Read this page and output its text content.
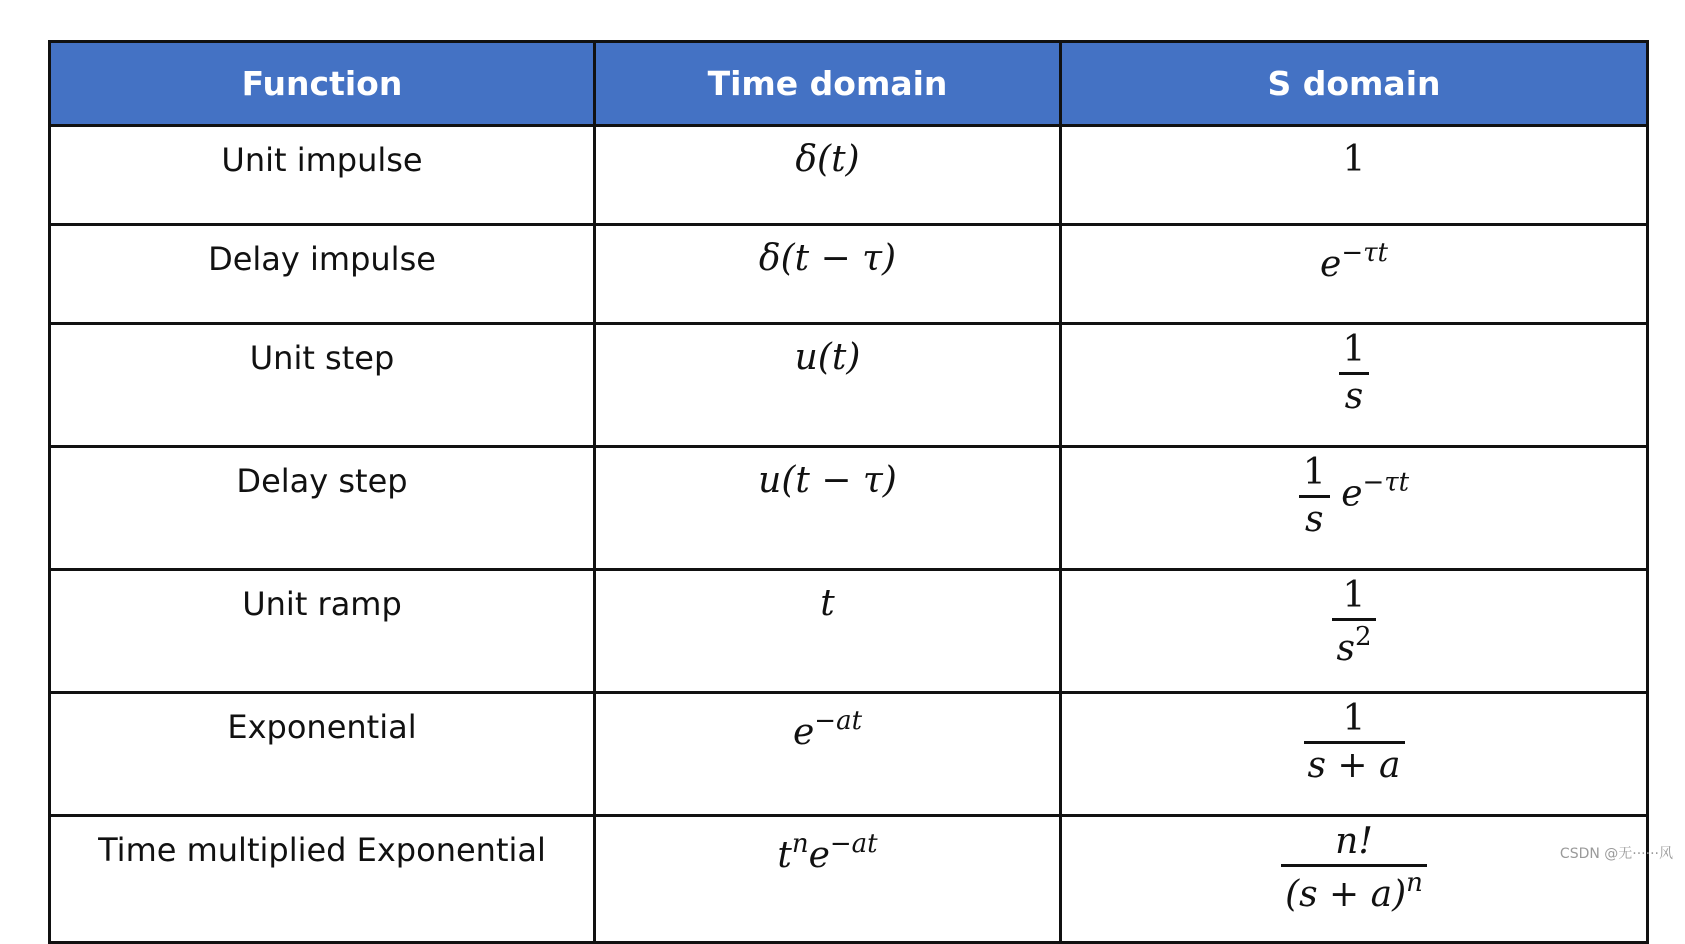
Function	Time domain	S domain
Unit impulse	δ(t)	1
Delay impulse	δ(t − τ)	$e^{-\tau t}$
Unit step	u(t)	$\frac{1}{s}$

Delay step	u(t − τ)	$\frac{1}{s} e^{-\tau t}$
Unit ramp	t	$\frac{1}{s^2}$

Exponential	$e^{-at}$	$\frac{1}{s + a}$

Time multiplied Exponential	$t^ne^{-at}$	$\frac{n!}{(s + a)^n}$	CSDN @无······风
